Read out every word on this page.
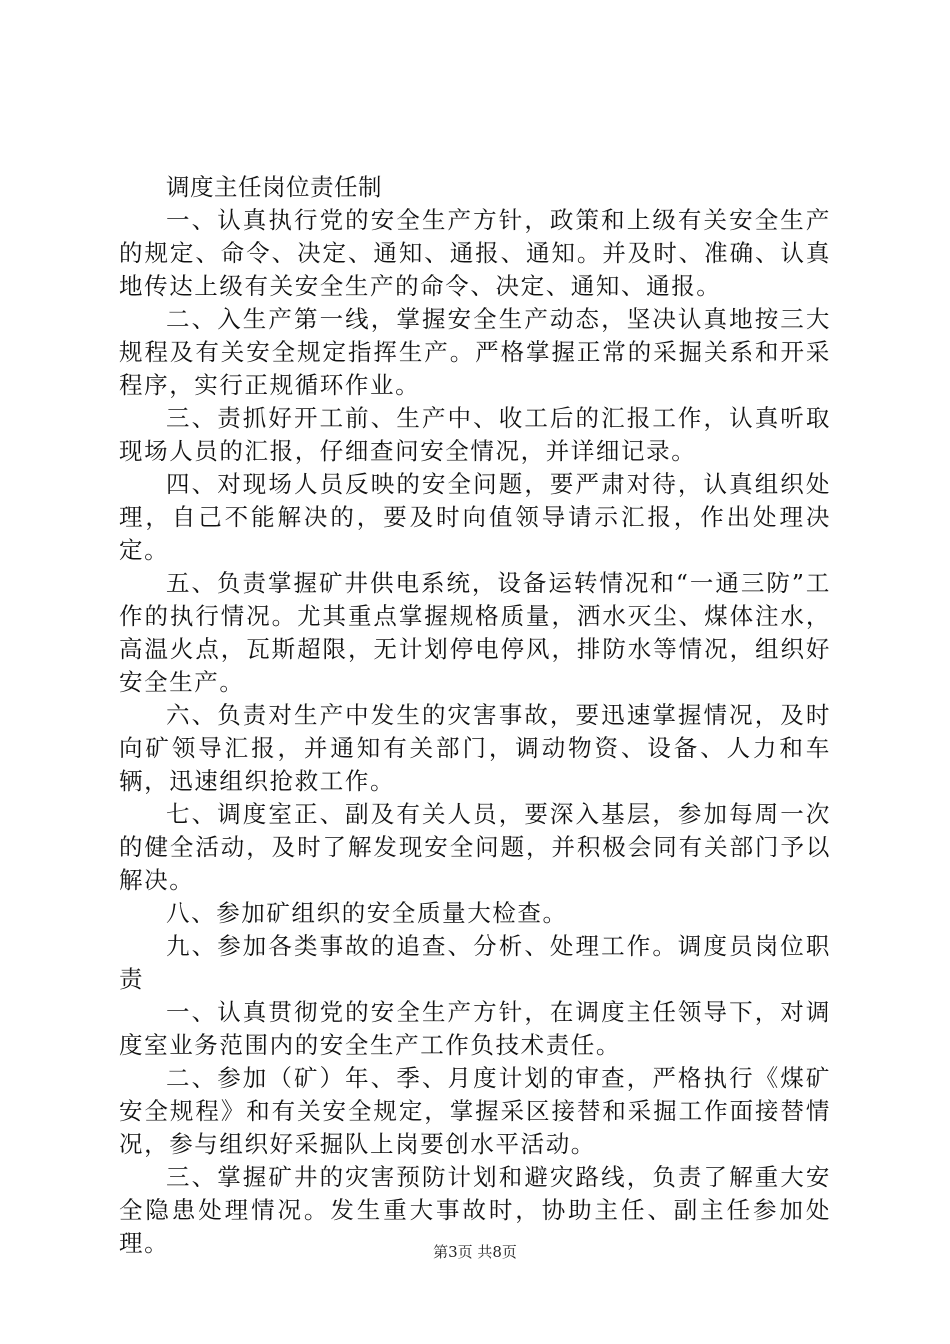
调度主任岗位责任制

一、认真执行党的安全生产方针，政策和上级有关安全生产的规定、命令、决定、通知、通报、通知。并及时、准确、认真地传达上级有关安全生产的命令、决定、通知、通报。

二、入生产第一线，掌握安全生产动态，坚决认真地按三大规程及有关安全规定指挥生产。严格掌握正常的采掘关系和开采程序，实行正规循环作业。

三、责抓好开工前、生产中、收工后的汇报工作，认真听取现场人员的汇报，仔细查问安全情况，并详细记录。

四、对现场人员反映的安全问题，要严肃对待，认真组织处理，自己不能解决的，要及时向值领导请示汇报，作出处理决定。

五、负责掌握矿井供电系统，设备运转情况和“一通三防”工作的执行情况。尤其重点掌握规格质量，洒水灭尘、煤体注水，高温火点，瓦斯超限，无计划停电停风，排防水等情况，组织好安全生产。

六、负责对生产中发生的灾害事故，要迅速掌握情况，及时向矿领导汇报，并通知有关部门，调动物资、设备、人力和车辆，迅速组织抢救工作。

七、调度室正、副及有关人员，要深入基层，参加每周一次的健全活动，及时了解发现安全问题，并积极会同有关部门予以解决。

八、参加矿组织的安全质量大检查。

九、参加各类事故的追查、分析、处理工作。调度员岗位职责

一、认真贯彻党的安全生产方针，在调度主任领导下，对调度室业务范围内的安全生产工作负技术责任。

二、参加（矿）年、季、月度计划的审查，严格执行《煤矿安全规程》和有关安全规定，掌握采区接替和采掘工作面接替情况，参与组织好采掘队上岗要创水平活动。

三、掌握矿井的灾害预防计划和避灾路线，负责了解重大安全隐患处理情况。发生重大事故时，协助主任、副主任参加处理。	第3页 共8页
